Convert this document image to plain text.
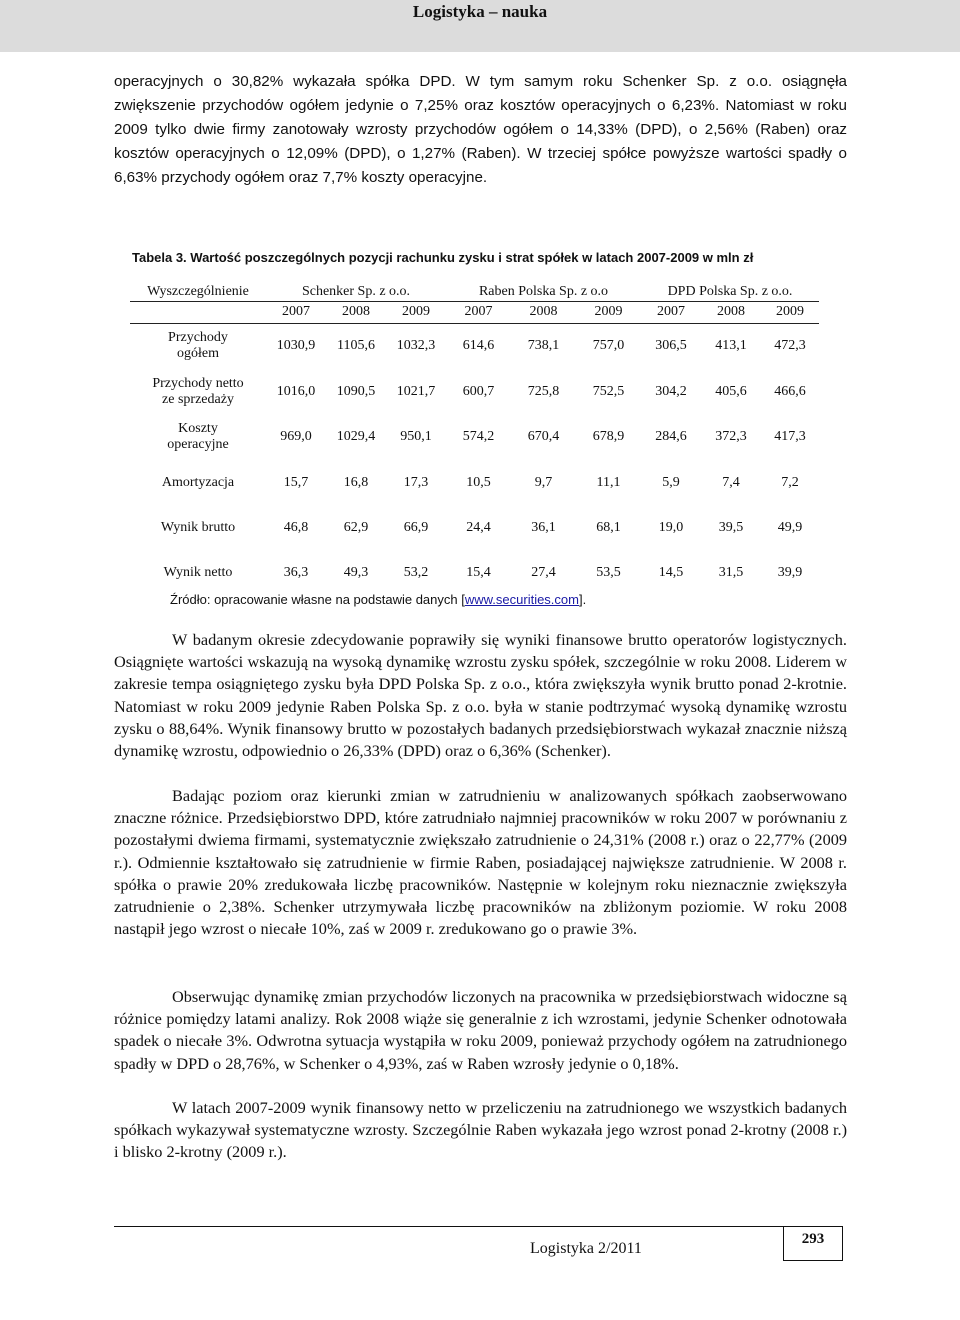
Logistyka – nauka

operacyjnych o 30,82% wykazała spółka DPD. W tym samym roku Schenker Sp. z o.o. osiągnęła zwiększenie przychodów ogółem jedynie o 7,25% oraz kosztów operacyjnych o 6,23%. Natomiast w roku 2009 tylko dwie firmy zanotowały wzrosty przychodów ogółem o 14,33% (DPD), o 2,56% (Raben) oraz kosztów operacyjnych o 12,09% (DPD), o 1,27% (Raben). W trzeciej spółce powyższe wartości spadły o 6,63% przychody ogółem oraz 7,7% koszty operacyjne.

Tabela 3. Wartość poszczególnych pozycji rachunku zysku i strat spółek w latach 2007-2009 w mln zł
Wyszczególnienie	Schenker Sp. z o.o.			Raben Polska Sp. z o.o			DPD Polska Sp. z o.o.		
	2007	2008	2009	2007	2008	2009	2007	2008	2009
Przychody ogółem	1030,9	1105,6	1032,3	614,6	738,1	757,0	306,5	413,1	472,3
Przychody netto ze sprzedaży	1016,0	1090,5	1021,7	600,7	725,8	752,5	304,2	405,6	466,6
Koszty operacyjne	969,0	1029,4	950,1	574,2	670,4	678,9	284,6	372,3	417,3
Amortyzacja	15,7	16,8	17,3	10,5	9,7	11,1	5,9	7,4	7,2
Wynik brutto	46,8	62,9	66,9	24,4	36,1	68,1	19,0	39,5	49,9
Wynik netto	36,3	49,3	53,2	15,4	27,4	53,5	14,5	31,5	39,9
Źródło: opracowanie własne na podstawie danych [www.securities.com].

W badanym okresie zdecydowanie poprawiły się wyniki finansowe brutto operatorów logistycznych. Osiągnięte wartości wskazują na wysoką dynamikę wzrostu zysku spółek, szczególnie w roku 2008. Liderem w zakresie tempa osiągniętego zysku była DPD Polska Sp. z o.o., która zwiększyła wynik brutto ponad 2-krotnie. Natomiast w roku 2009 jedynie Raben Polska Sp. z o.o. była w stanie podtrzymać wysoką dynamikę wzrostu zysku o 88,64%. Wynik finansowy brutto w pozostałych badanych przedsiębiorstwach wykazał znacznie niższą dynamikę wzrostu, odpowiednio o 26,33% (DPD) oraz o 6,36% (Schenker).

Badając poziom oraz kierunki zmian w zatrudnieniu w analizowanych spółkach zaobserwowano znaczne różnice. Przedsiębiorstwo DPD, które zatrudniało najmniej pracowników w roku 2007 w porównaniu z pozostałymi dwiema firmami, systematycznie zwiększało zatrudnienie o 24,31% (2008 r.) oraz o 22,77% (2009 r.). Odmiennie kształtowało się zatrudnienie w firmie Raben, posiadającej największe zatrudnienie. W 2008 r. spółka o prawie 20% zredukowała liczbę pracowników. Następnie w kolejnym roku nieznacznie zwiększyła zatrudnienie o 2,38%. Schenker utrzymywała liczbę pracowników na zbliżonym poziomie. W roku 2008 nastąpił jego wzrost o niecałe 10%, zaś w 2009 r. zredukowano go o prawie 3%.

Obserwując dynamikę zmian przychodów liczonych na pracownika w przedsiębiorstwach widoczne są różnice pomiędzy latami analizy. Rok 2008 wiąże się generalnie z ich wzrostami, jedynie Schenker odnotowała spadek o niecałe 3%. Odwrotna sytuacja wystąpiła w roku 2009, ponieważ przychody ogółem na zatrudnionego spadły w DPD o 28,76%, w Schenker o 4,93%, zaś w Raben wzrosły jedynie o 0,18%.

W latach 2007-2009 wynik finansowy netto w przeliczeniu na zatrudnionego we wszystkich badanych spółkach wykazywał systematyczne wzrosty. Szczególnie Raben wykazała jego wzrost ponad 2-krotny (2008 r.) i blisko 2-krotny (2009 r.).

Logistyka 2/2011
293
